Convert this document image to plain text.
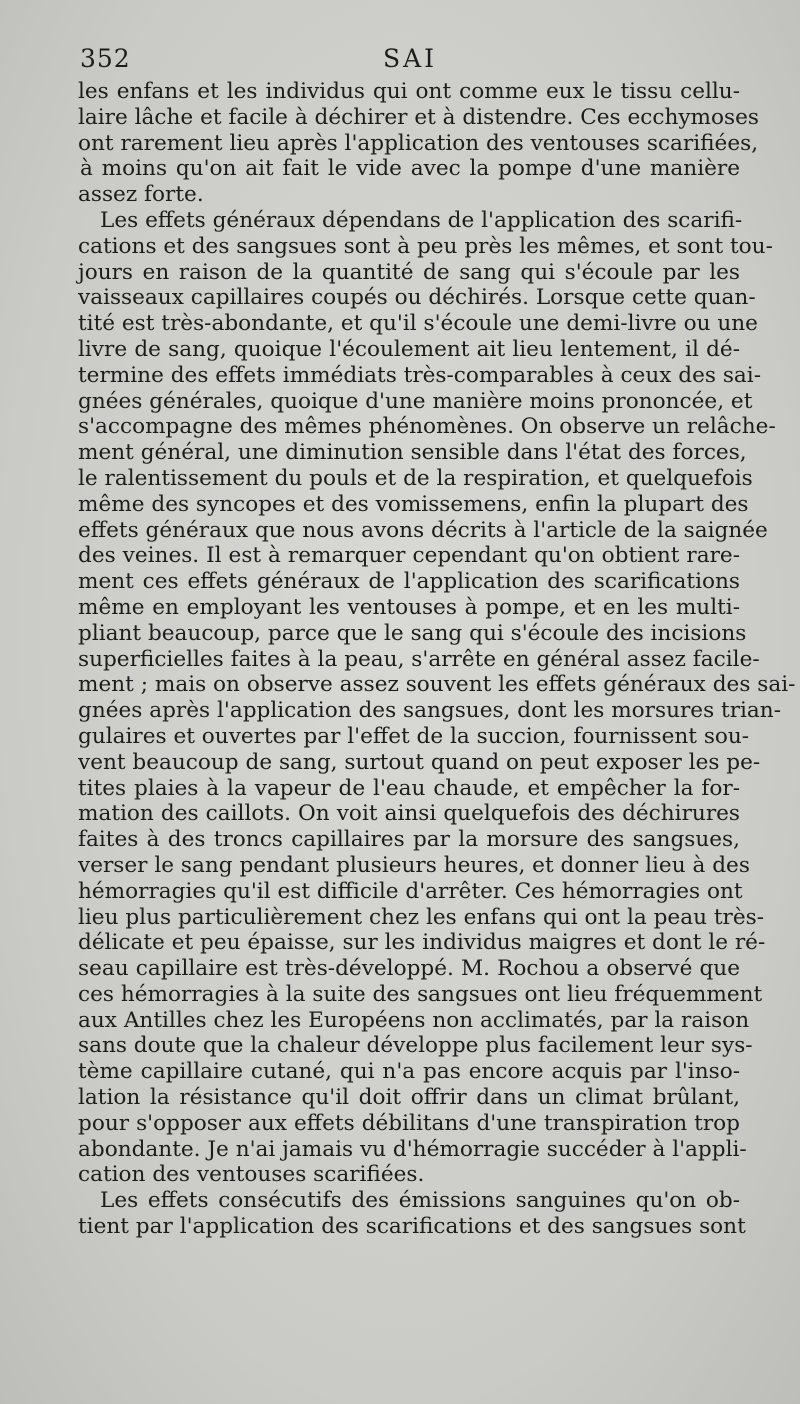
352	SAI
les enfans et les individus qui ont comme eux le tissu cellu-
laire lâche et facile à déchirer et à distendre. Ces ecchymoses
ont rarement lieu après l'application des ventouses scarifiées,
à moins qu'on ait fait le vide avec la pompe d'une manière
assez forte.
Les effets généraux dépendans de l'application des scarifi-
cations et des sangsues sont à peu près les mêmes, et sont tou-
jours en raison de la quantité de sang qui s'écoule par les
vaisseaux capillaires coupés ou déchirés. Lorsque cette quan-
tité est très-abondante, et qu'il s'écoule une demi-livre ou une
livre de sang, quoique l'écoulement ait lieu lentement, il dé-
termine des effets immédiats très-comparables à ceux des sai-
gnées générales, quoique d'une manière moins prononcée, et
s'accompagne des mêmes phénomènes. On observe un relâche-
ment général, une diminution sensible dans l'état des forces,
le ralentissement du pouls et de la respiration, et quelquefois
même des syncopes et des vomissemens, enfin la plupart des
effets généraux que nous avons décrits à l'article de la saignée
des veines. Il est à remarquer cependant qu'on obtient rare-
ment ces effets généraux de l'application des scarifications
même en employant les ventouses à pompe, et en les multi-
pliant beaucoup, parce que le sang qui s'écoule des incisions
superficielles faites à la peau, s'arrête en général assez facile-
ment ; mais on observe assez souvent les effets généraux des sai-
gnées après l'application des sangsues, dont les morsures trian-
gulaires et ouvertes par l'effet de la succion, fournissent sou-
vent beaucoup de sang, surtout quand on peut exposer les pe-
tites plaies à la vapeur de l'eau chaude, et empêcher la for-
mation des caillots. On voit ainsi quelquefois des déchirures
faites à des troncs capillaires par la morsure des sangsues,
verser le sang pendant plusieurs heures, et donner lieu à des
hémorragies qu'il est difficile d'arrêter. Ces hémorragies ont
lieu plus particulièrement chez les enfans qui ont la peau très-
délicate et peu épaisse, sur les individus maigres et dont le ré-
seau capillaire est très-développé. M. Rochou a observé que
ces hémorragies à la suite des sangsues ont lieu fréquemment
aux Antilles chez les Européens non acclimatés, par la raison
sans doute que la chaleur développe plus facilement leur sys-
tème capillaire cutané, qui n'a pas encore acquis par l'inso-
lation la résistance qu'il doit offrir dans un climat brûlant,
pour s'opposer aux effets débilitans d'une transpiration trop
abondante. Je n'ai jamais vu d'hémorragie succéder à l'appli-
cation des ventouses scarifiées.
Les effets consécutifs des émissions sanguines qu'on ob-
tient par l'application des scarifications et des sangsues sont
